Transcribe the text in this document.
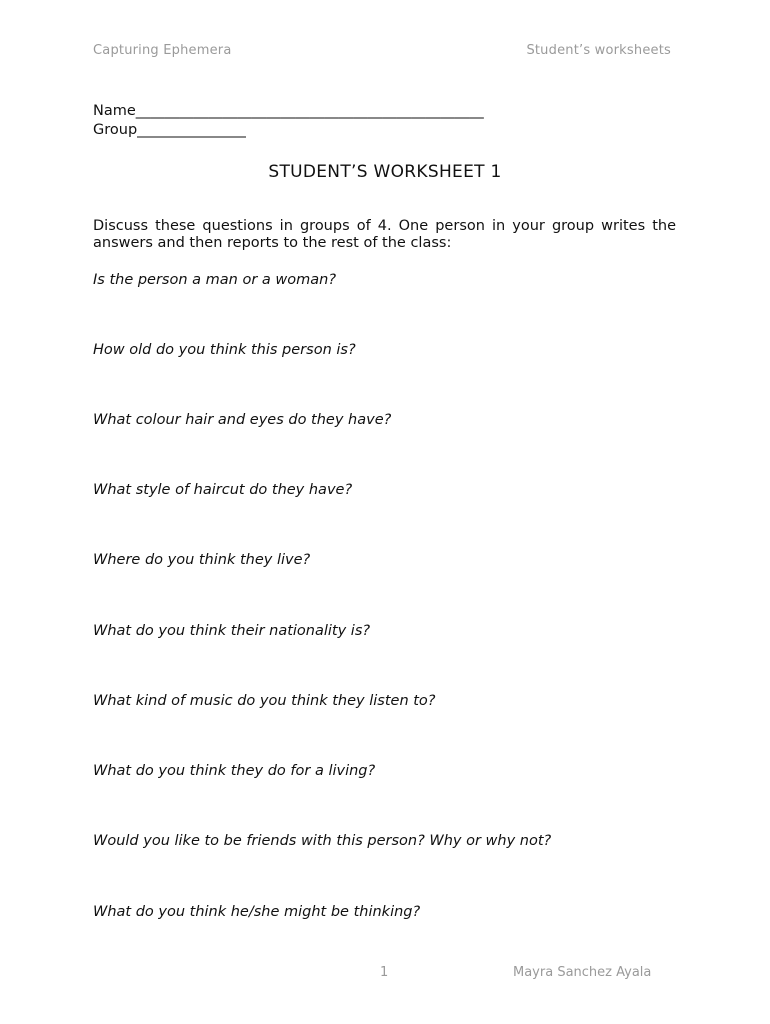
Capturing Ephemera	Student’s worksheets
Name________________________________________________
Group_______________
STUDENT’S WORKSHEET 1
Discuss these questions in groups of 4. One person in your group writes the answers and then reports to the rest of the class:
Is the person a man or a woman?
How old do you think this person is?
What colour hair and eyes do they have?
What style of haircut do they have?
Where do you think they live?
What do you think their nationality is?
What kind of music do you think they listen to?
What do you think they do for a living?
Would you like to be friends with this person? Why or why not?
What do you think he/she might be thinking?
1	Mayra Sanchez Ayala
